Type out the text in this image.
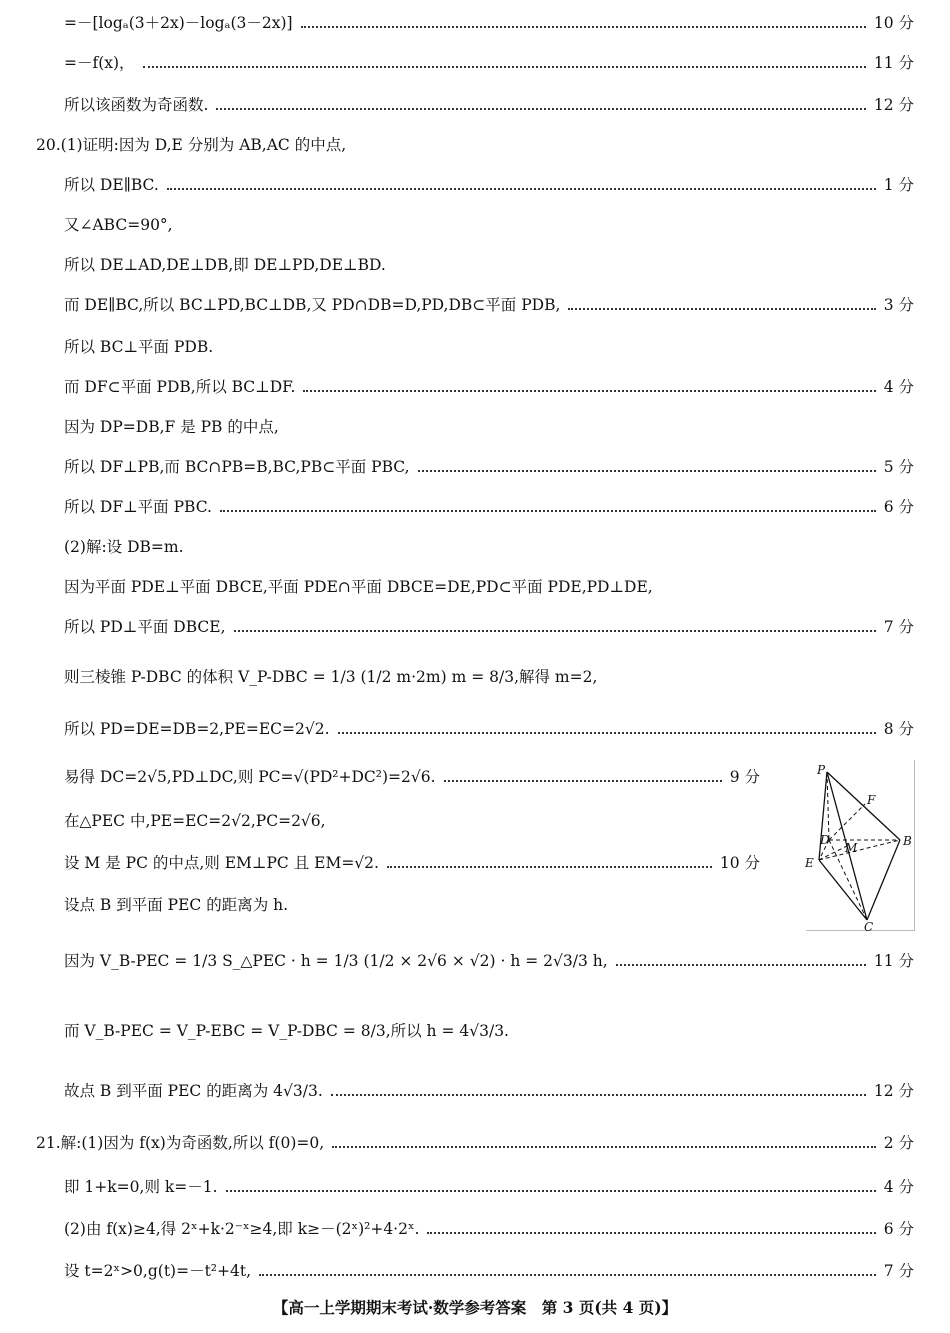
=－[logₐ(3＋2x)－logₐ(3－2x)]	10 分
=－f(x)，	11 分
所以该函数为奇函数.	12 分
20.(1)证明:因为 D,E 分别为 AB,AC 的中点,
所以 DE∥BC.	1 分
又∠ABC=90°,
所以 DE⊥AD,DE⊥DB,即 DE⊥PD,DE⊥BD.
而 DE∥BC,所以 BC⊥PD,BC⊥DB,又 PD∩DB=D,PD,DB⊂平面 PDB,	3 分
所以 BC⊥平面 PDB.
而 DF⊂平面 PDB,所以 BC⊥DF.	4 分
因为 DP=DB,F 是 PB 的中点,
所以 DF⊥PB,而 BC∩PB=B,BC,PB⊂平面 PBC,	5 分
所以 DF⊥平面 PBC.	6 分
(2)解:设 DB=m.
因为平面 PDE⊥平面 DBCE,平面 PDE∩平面 DBCE=DE,PD⊂平面 PDE,PD⊥DE,
所以 PD⊥平面 DBCE,	7 分
则三棱锥 P-DBC 的体积 V_P-DBC = 1/3 (1/2 m·2m) m = 8/3,解得 m=2,
所以 PD=DE=DB=2,PE=EC=2√2.	8 分
易得 DC=2√5,PD⊥DC,则 PC=√(PD²+DC²)=2√6.	9 分
在△PEC 中,PE=EC=2√2,PC=2√6,
设 M 是 PC 的中点,则 EM⊥PC 且 EM=√2.	10 分
设点 B 到平面 PEC 的距离为 h.
因为 V_B-PEC = 1/3 S_△PEC · h = 1/3 (1/2 × 2√6 × √2) · h = 2√3/3 h,	11 分
而 V_B-PEC = V_P-EBC = V_P-DBC = 8/3,所以 h = 4√3/3.
故点 B 到平面 PEC 的距离为 4√3/3.	12 分
21.解:(1)因为 f(x)为奇函数,所以 f(0)=0,	2 分
即 1+k=0,则 k=－1.	4 分
(2)由 f(x)≥4,得 2ˣ+k·2⁻ˣ≥4,即 k≥－(2ˣ)²+4·2ˣ.	6 分
设 t=2ˣ>0,g(t)=－t²+4t,	7 分
P
F
D
M	B
E
C
【高一上学期期末考试·数学参考答案　第 3 页(共 4 页)】
